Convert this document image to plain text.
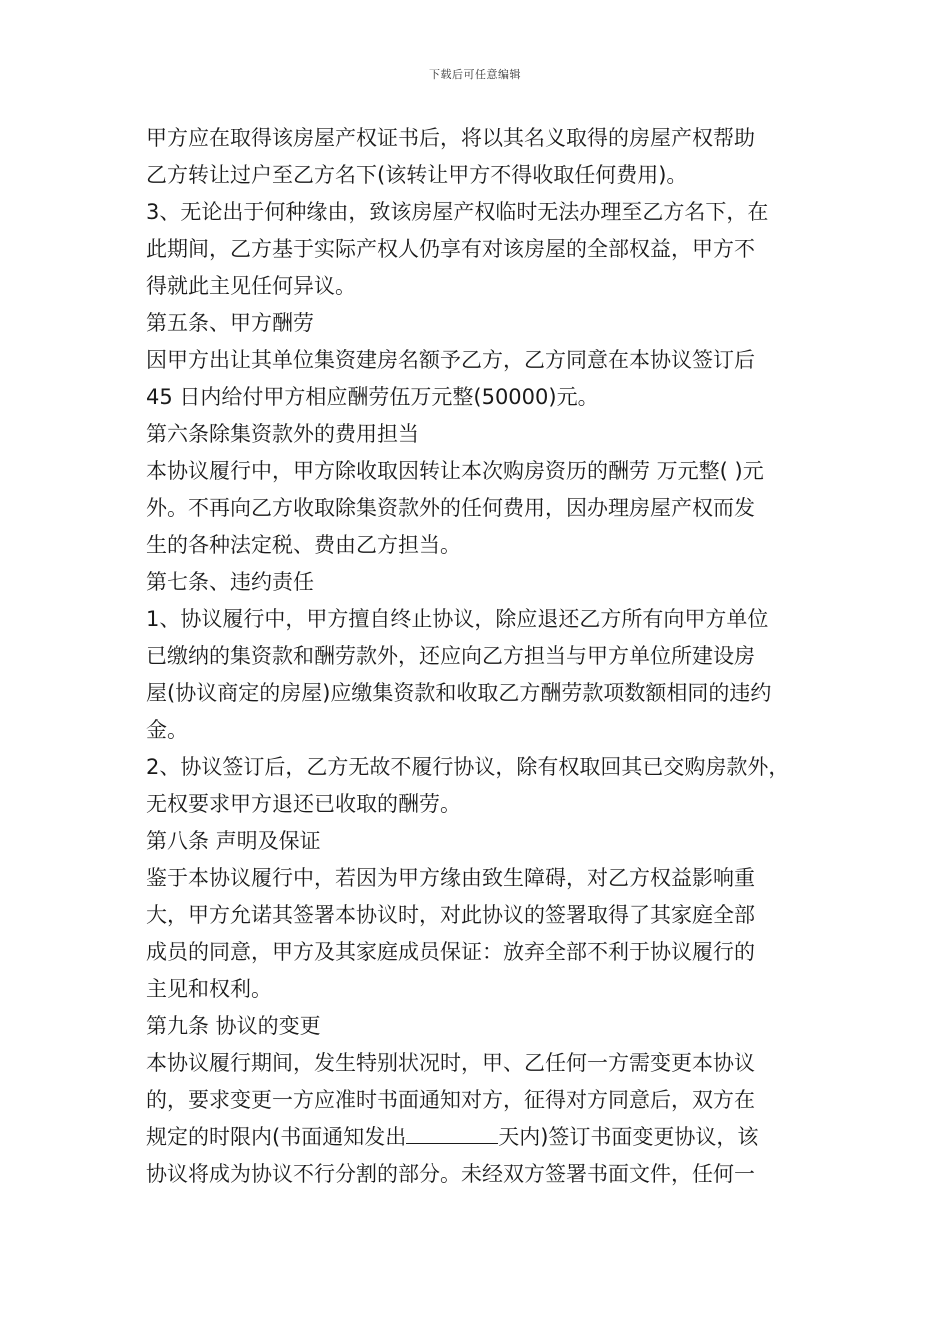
下载后可任意编辑
甲方应在取得该房屋产权证书后，将以其名义取得的房屋产权帮助
乙方转让过户至乙方名下(该转让甲方不得收取任何费用)。
3、无论出于何种缘由，致该房屋产权临时无法办理至乙方名下，在
此期间，乙方基于实际产权人仍享有对该房屋的全部权益，甲方不
得就此主见任何异议。
第五条、甲方酬劳
因甲方出让其单位集资建房名额予乙方，乙方同意在本协议签订后
45 日内给付甲方相应酬劳伍万元整(50000)元。
第六条除集资款外的费用担当
本协议履行中，甲方除收取因转让本次购房资历的酬劳 万元整( )元
外。不再向乙方收取除集资款外的任何费用，因办理房屋产权而发
生的各种法定税、费由乙方担当。
第七条、违约责任
1、协议履行中，甲方擅自终止协议，除应退还乙方所有向甲方单位
已缴纳的集资款和酬劳款外，还应向乙方担当与甲方单位所建设房
屋(协议商定的房屋)应缴集资款和收取乙方酬劳款项数额相同的违约
金。
2、协议签订后，乙方无故不履行协议，除有权取回其已交购房款外，
无权要求甲方退还已收取的酬劳。
第八条 声明及保证
鉴于本协议履行中，若因为甲方缘由致生障碍，对乙方权益影响重
大，甲方允诺其签署本协议时，对此协议的签署取得了其家庭全部
成员的同意，甲方及其家庭成员保证：放弃全部不利于协议履行的
主见和权利。
第九条 协议的变更
本协议履行期间，发生特别状况时，甲、乙任何一方需变更本协议
的，要求变更一方应准时书面通知对方，征得对方同意后，双方在
规定的时限内(书面通知发出	天内)签订书面变更协议，该
协议将成为协议不行分割的部分。未经双方签署书面文件，任何一
